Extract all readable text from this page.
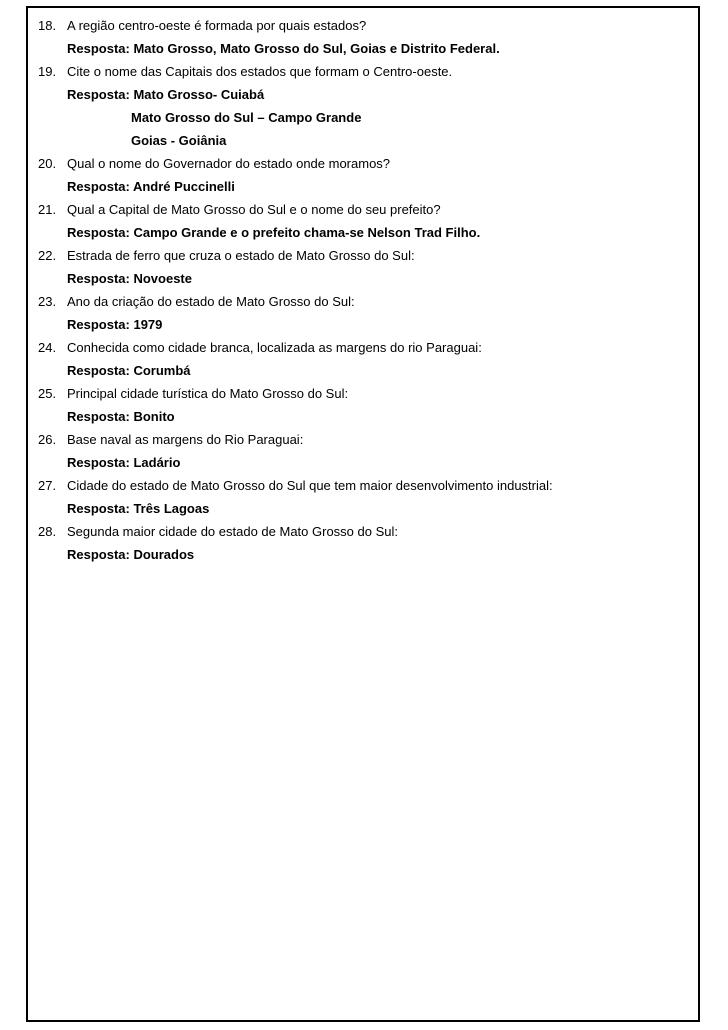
18. A região centro-oeste é formada por quais estados?
Resposta: Mato Grosso, Mato Grosso do Sul, Goias e Distrito Federal.
19. Cite o nome das Capitais dos estados que formam o Centro-oeste.
Resposta: Mato Grosso- Cuiabá
Mato Grosso do Sul – Campo Grande
Goias - Goiânia
20. Qual o nome do Governador do estado onde moramos?
Resposta: André Puccinelli
21. Qual a Capital de Mato Grosso do Sul e o nome do seu prefeito?
Resposta: Campo Grande e o prefeito chama-se Nelson Trad Filho.
22. Estrada de ferro que cruza o estado de Mato Grosso do Sul:
Resposta: Novoeste
23. Ano da criação do estado de Mato Grosso do Sul:
Resposta: 1979
24. Conhecida como cidade branca, localizada as margens do rio Paraguai:
Resposta: Corumbá
25. Principal cidade turística do Mato Grosso do Sul:
Resposta: Bonito
26. Base naval as margens do Rio Paraguai:
Resposta: Ladário
27. Cidade do estado de Mato Grosso do Sul que tem maior desenvolvimento industrial:
Resposta: Três Lagoas
28. Segunda maior cidade do estado de Mato Grosso do Sul:
Resposta: Dourados
